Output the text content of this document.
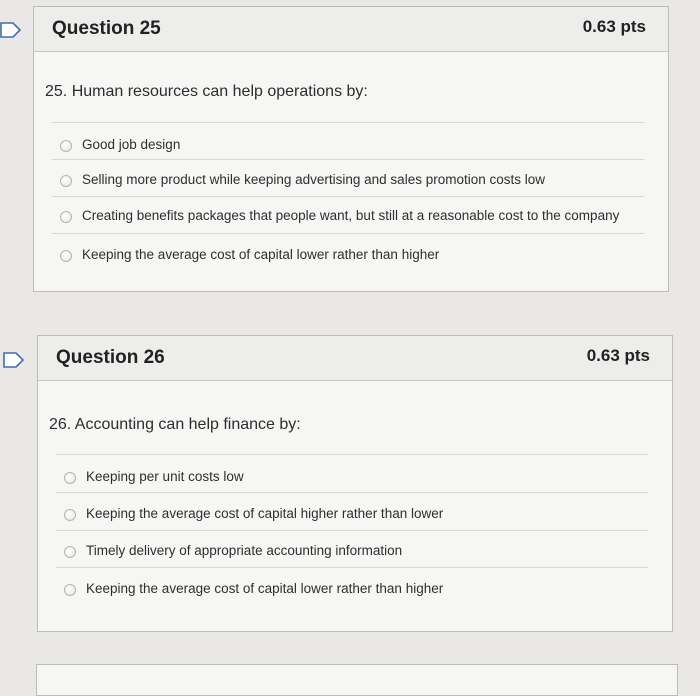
Question 25	0.63 pts
25. Human resources can help operations by:
Good job design
Selling more product while keeping advertising and sales promotion costs low
Creating benefits packages that people want, but still at a reasonable cost to the company
Keeping the average cost of capital lower rather than higher
Question 26	0.63 pts
26. Accounting can help finance by:
Keeping per unit costs low
Keeping the average cost of capital higher rather than lower
Timely delivery of appropriate accounting information
Keeping the average cost of capital lower rather than higher
